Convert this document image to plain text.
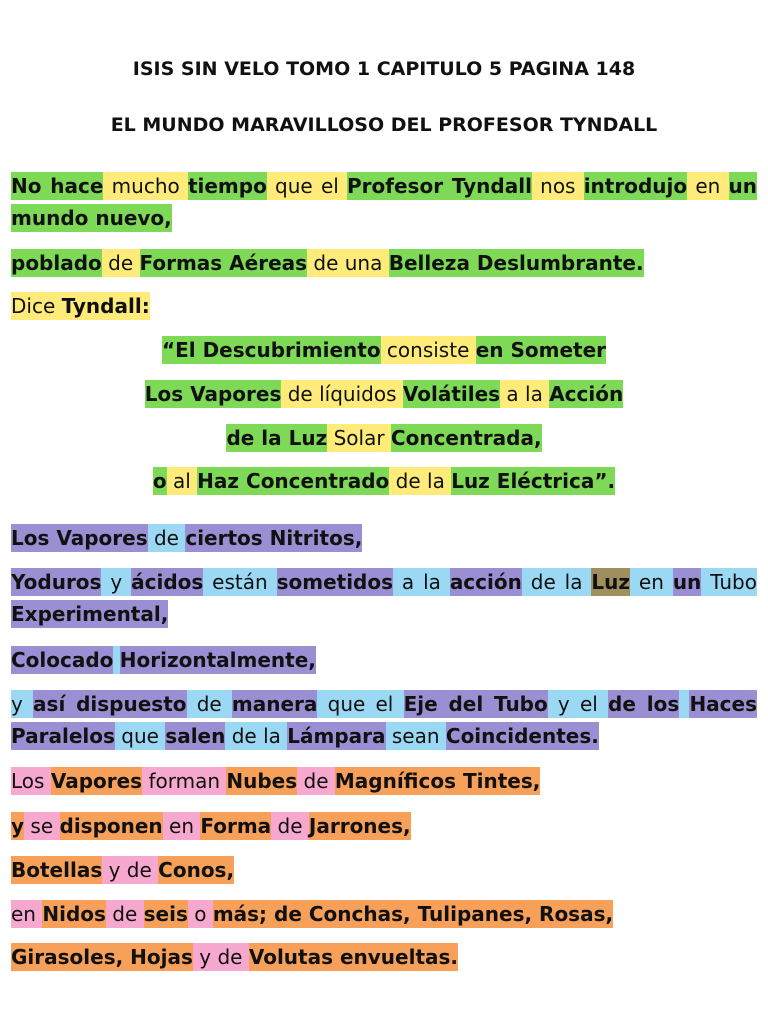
ISIS SIN VELO TOMO 1 CAPITULO 5 PAGINA 148
EL MUNDO MARAVILLOSO DEL PROFESOR TYNDALL
No hace mucho tiempo que el Profesor Tyndall nos introdujo en un mundo nuevo,
poblado de Formas Aéreas de una Belleza Deslumbrante.
Dice Tyndall:
“El Descubrimiento consiste en Someter
Los Vapores de líquidos Volátiles a la Acción
de la Luz Solar Concentrada,
o al Haz Concentrado de la Luz Eléctrica”.
Los Vapores de ciertos Nitritos,
Yoduros y ácidos están sometidos a la acción de la Luz en un Tubo Experimental,
Colocado Horizontalmente,
y así dispuesto de manera que el Eje del Tubo y el de los Haces Paralelos que salen de la Lámpara sean Coincidentes.
Los Vapores forman Nubes de Magníficos Tintes,
y se disponen en Forma de Jarrones,
Botellas y de Conos,
en Nidos de seis o más; de Conchas, Tulipanes, Rosas,
Girasoles, Hojas y de Volutas envueltas.
